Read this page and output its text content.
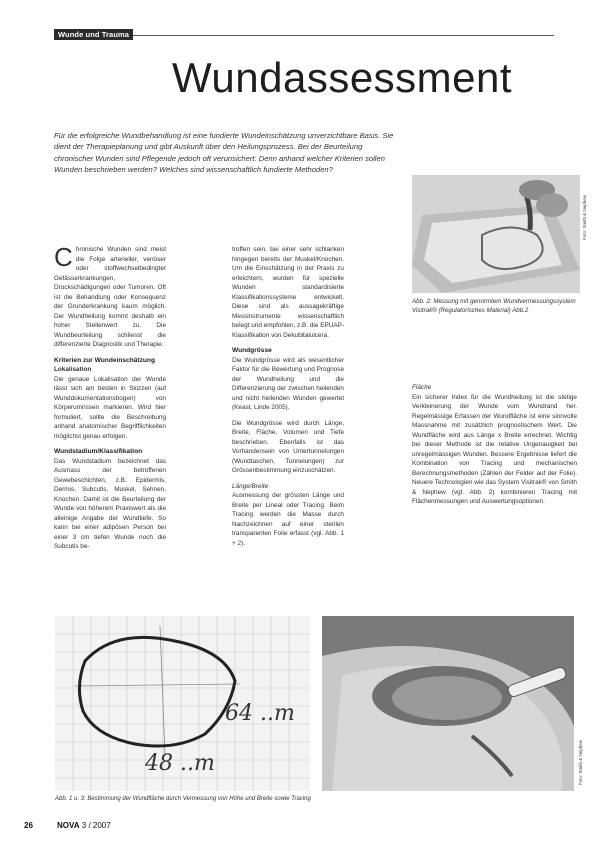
Wunde und Trauma
Wundassessment
Für die erfolgreiche Wundbehandlung ist eine fundierte Wundeinschätzung unverzichtbare Basis. Sie dient der Therapieplanung und gibt Auskunft über den Heilungsprozess. Bei der Beurteilung chronischer Wunden sind Pflegende jedoch oft verunsichert: Denn anhand welcher Kriterien sollen Wunden beschrieben werden? Welches sind wissenschaftlich fundierte Methoden?
Foto: Smith & Nephew

Chronische Wunden sind meist die Folge arterieller, venöser oder stoffwechselbedingter Gefässerkrankungen, Druckschädigungen oder Tumoren. Oft ist die Behandlung oder Konsequenz der Grunderkrankung kaum möglich. Der Wundheilung kommt deshalb ein hoher Stellenwert zu. Die Wundbeurteilung schliesst die differenzierte Diagnostik und Therapie.

Kriterien zur Wundeinschätzung
Lokalisation

Die genaue Lokalisation der Wunde lässt sich am besten in Skizzen (auf Wunddokumentationsbogen) von Körperumrissen markieren. Wird hier formuliert, sollte die Beschreibung anhand anatomischer Begrifflichkeiten möglichst genau erfolgen.

Wundstadium/Klassifikation

Das Wundstadium bezeichnet das Ausmass der betroffenen Gewebeschichten, z.B. Epidermis, Dermis, Subcutis, Muskel, Sehnen, Knochen. Damit ist die Beurteilung der Wunde von höherem Praxiswert als die alleinige Angabe der Wundtiefe. So kann bei einer adipösen Person bei einer 3 cm tiefen Wunde noch die Subcutis be-

troffen sein, bei einer sehr schlanken hingegen bereits der Muskel/Knochen. Um die Einschätzung in der Praxis zu erleichtern, wurden für spezielle Wunden standardisierte Klassifikationssysteme entwickelt. Diese sind als aussagekräftige Messinstrumente wissenschaftlich belegt und empfohlen, z.B. die EPUAP-Klassifikation von Dekubitalulcera.

Wundgrösse

Die Wundgrösse wird als wesentlicher Faktor für die Bewertung und Prognose der Wundheilung und die Differenzierung der zwischen heilenden und nicht heilenden Wunden gewertet (Keast, Linde 2005).

Die Wundgrösse wird durch Länge, Breite, Fläche, Volumen und Tiefe beschrieben. Ebenfalls ist das Vorhandensein von Untertunnelungen (Wundtaschen, Tunnelungen) zur Grössenbestimmung einzuschätzen.

Länge/Breite

Ausmessung der grössten Länge und Breite per Lineal oder Tracing. Beim Tracing werden die Masse durch Nachzeichnen auf einer sterilen transparenten Folie erfasst (vgl. Abb. 1 + 2).

Abb. 2: Messung mit genormtem Wundvermessungssystem Visitrak® (Regulatorisches Material) Abb.2
Fläche

Ein sicherer Index für die Wundheilung ist die stetige Verkleinerung der Wunde vom Wundrand her. Regelmässige Erfassen der Wundfläche ist eine sinnvolle Massnahme mit zusätzlich prognostischem Wert. Die Wundfläche wird aus Länge x Breite errechnet. Wichtig bei dieser Methode ist die relative Ungenauigkeit bei unregelmässigen Wunden. Bessere Ergebnisse liefert die Kombination von Tracing und mechanischen Berechnungsmethoden (Zählen der Felder auf der Folie). Neuere Technologien wie das System Visitrak® von Smith & Nephew (vgl. Abb. 2) kombinieren Tracing mit Flächenmessungen und Auswertungsoptionen.

64 ..m
48 ..m	Foto: Smith & Nephew
Abb. 1 u. 3: Bestimmung der Wundfläche durch Vermessung von Höhe und Breite sowie Tracing
26	NOVA 3 / 2007
